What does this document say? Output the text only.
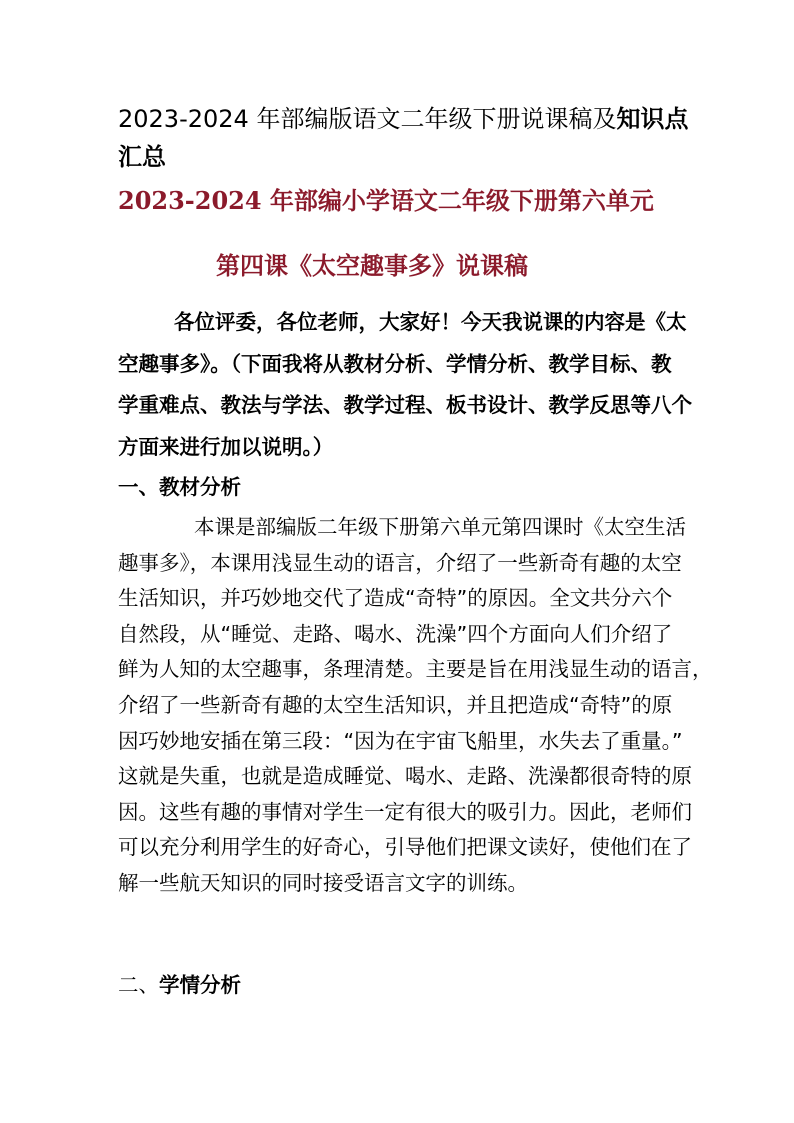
2023-2024 年部编版语文二年级下册说课稿及知识点
汇总
2023-2024 年部编小学语文二年级下册第六单元
第四课《太空趣事多》说课稿

各位评委，各位老师，大家好！今天我说课的内容是《太
空趣事多》。（下面我将从教材分析、学情分析、教学目标、教
学重难点、教法与学法、教学过程、板书设计、教学反思等八个
方面来进行加以说明。）

一、教材分析

本课是部编版二年级下册第六单元第四课时《太空生活
趣事多》，本课用浅显生动的语言，介绍了一些新奇有趣的太空
生活知识，并巧妙地交代了造成“奇特”的原因。全文共分六个
自然段，从“睡觉、走路、喝水、洗澡”四个方面向人们介绍了
鲜为人知的太空趣事，条理清楚。主要是旨在用浅显生动的语言，
介绍了一些新奇有趣的太空生活知识，并且把造成“奇特”的原
因巧妙地安插在第三段：“因为在宇宙飞船里，水失去了重量。”
这就是失重，也就是造成睡觉、喝水、走路、洗澡都很奇特的原
因。这些有趣的事情对学生一定有很大的吸引力。因此，老师们
可以充分利用学生的好奇心，引导他们把课文读好，使他们在了
解一些航天知识的同时接受语言文字的训练。

二、学情分析
